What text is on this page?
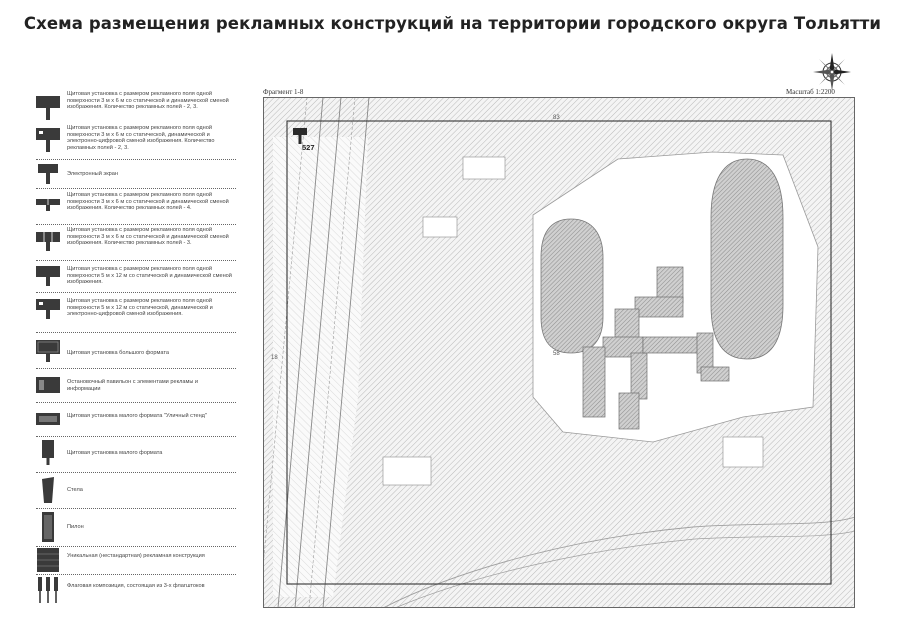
Схема размещения рекламных конструкций на территории городского округа Тольятти
Щитовая установка с размером рекламного поля одной поверхности 3 м х 6 м со статической и динамической сменой изображения. Количество рекламных полей - 2, 3.
Щитовая установка с размером рекламного поля одной поверхности 3 м х 6 м со статической, динамической и электронно-цифровой сменой изображения. Количество рекламных полей - 2, 3.
Электронный экран
Щитовая установка с размером рекламного поля одной поверхности 3 м х 6 м со статической и динамической сменой изображения. Количество рекламных полей - 4.
Щитовая установка с размером рекламного поля одной поверхности 3 м х 6 м со статической и динамической сменой изображения. Количество рекламных полей - 3.
Щитовая установка с размером рекламного поля одной поверхности 5 м х 12 м со статической и динамической сменой изображения.
Щитовая установка с размером рекламного поля одной поверхности 5 м х 12 м со статической, динамической и электронно-цифровой сменой изображения.
Щитовая установка большого формата
Остановочный павильон с элементами рекламы и информации
Щитовая установка малого формата "Уличный стенд"
Щитовая установка малого формата
Стела
Пилон
Уникальная (нестандартная) рекламная конструкция
Флаговая композиция, состоящая из 3-х флагштоков
Фрагмент 1-8	Масштаб 1:2200
83
18
58
527
